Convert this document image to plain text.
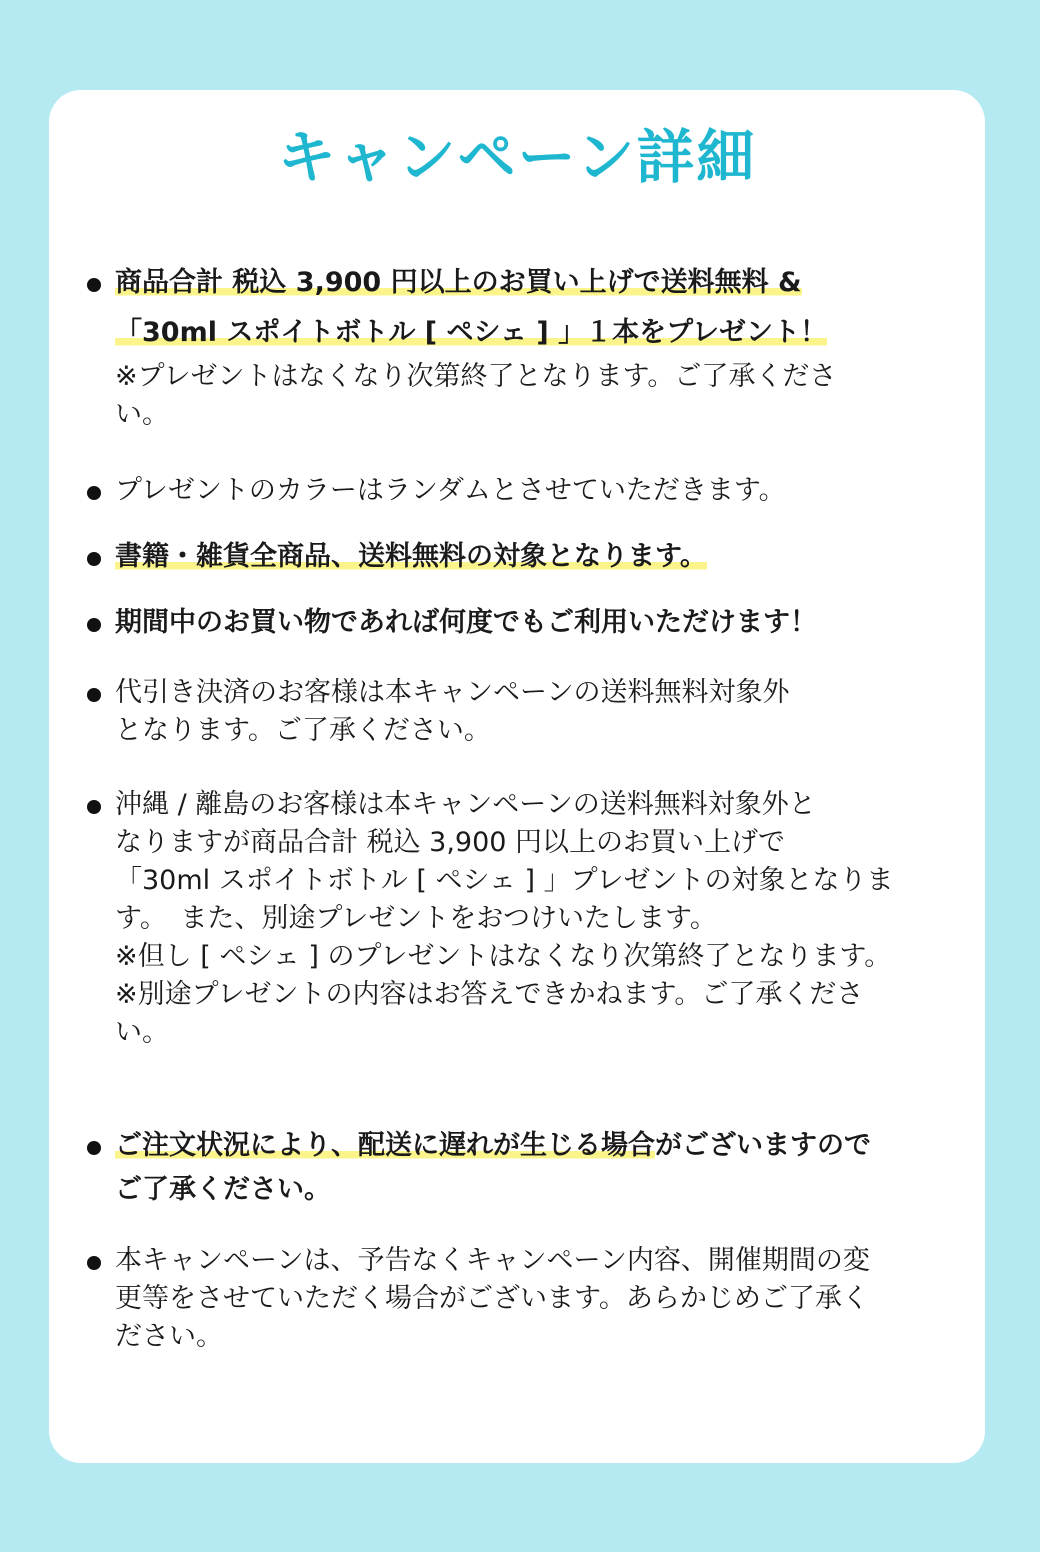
キャンペーン詳細
商品合計 税込 3,900 円以上のお買い上げで送料無料 &
「30ml スポイトボトル [ ペシェ ] 」１本をプレゼント！
※プレゼントはなくなり次第終了となります。ご了承くださ
い。
プレゼントのカラーはランダムとさせていただきます。
書籍・雑貨全商品、送料無料の対象となります。
期間中のお買い物であれば何度でもご利用いただけます！
代引き決済のお客様は本キャンペーンの送料無料対象外
となります。ご了承ください。
沖縄 / 離島のお客様は本キャンペーンの送料無料対象外と
なりますが商品合計 税込 3,900 円以上のお買い上げで
「30ml スポイトボトル [ ペシェ ] 」プレゼントの対象となりま
す。　また、別途プレゼントをおつけいたします。
※但し [ ペシェ ] のプレゼントはなくなり次第終了となります。
※別途プレゼントの内容はお答えできかねます。ご了承くださ
い。
ご注文状況により、配送に遅れが生じる場合がございますので
ご了承ください。
本キャンペーンは、予告なくキャンペーン内容、開催期間の変
更等をさせていただく場合がございます。あらかじめご了承く
ださい。
